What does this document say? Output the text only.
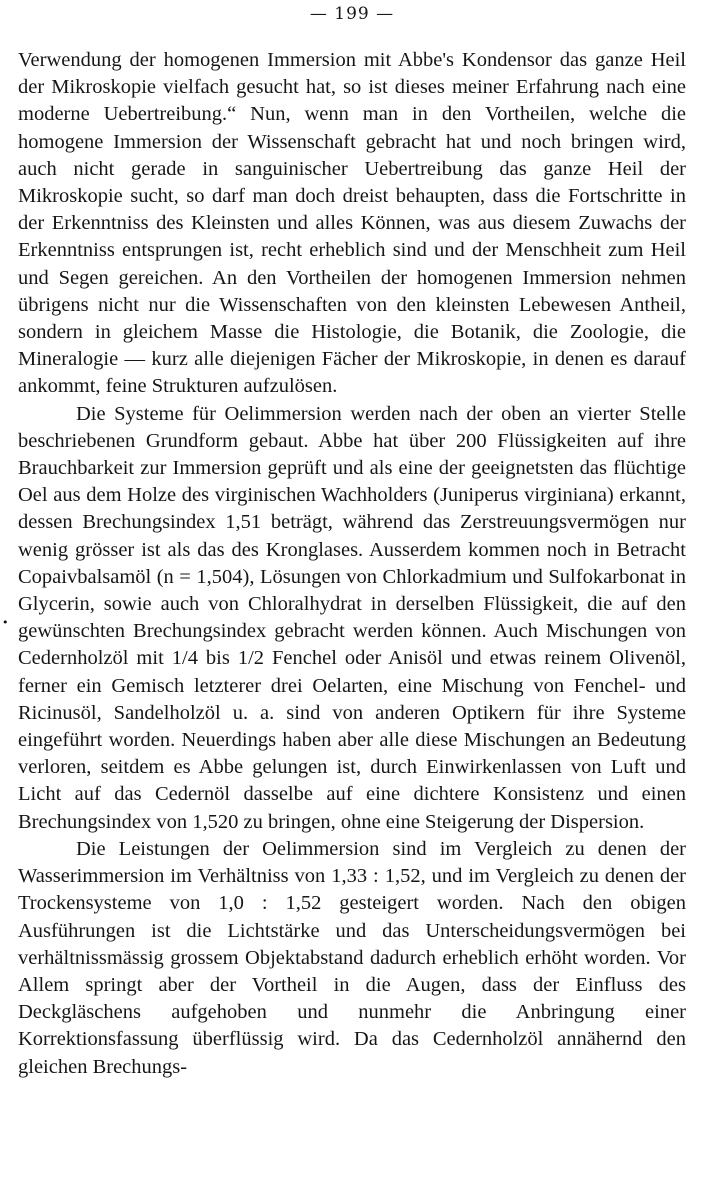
— 199 —
•

Verwendung der homogenen Immersion mit Abbe's Kondensor das ganze Heil der Mikroskopie vielfach gesucht hat, so ist dieses meiner Erfahrung nach eine moderne Uebertreibung.“ Nun, wenn man in den Vortheilen, welche die homogene Immersion der Wissenschaft gebracht hat und noch bringen wird, auch nicht gerade in sanguinischer Uebertreibung das ganze Heil der Mikroskopie sucht, so darf man doch dreist behaupten, dass die Fortschritte in der Erkenntniss des Kleinsten und alles Können, was aus diesem Zuwachs der Erkenntniss entsprungen ist, recht erheblich sind und der Menschheit zum Heil und Segen gereichen. An den Vortheilen der homogenen Immersion nehmen übrigens nicht nur die Wissenschaften von den kleinsten Lebewesen Antheil, sondern in gleichem Masse die Histologie, die Botanik, die Zoologie, die Mineralogie — kurz alle diejenigen Fächer der Mikroskopie, in denen es darauf ankommt, feine Strukturen aufzulösen.

Die Systeme für Oelimmersion werden nach der oben an vierter Stelle beschriebenen Grundform gebaut. Abbe hat über 200 Flüssigkeiten auf ihre Brauchbarkeit zur Immersion geprüft und als eine der geeignetsten das flüchtige Oel aus dem Holze des virginischen Wachholders (Juniperus virginiana) erkannt, dessen Brechungsindex 1,51 beträgt, während das Zerstreuungsvermögen nur wenig grösser ist als das des Kronglases. Ausserdem kommen noch in Betracht Copaivbalsamöl (n = 1,504), Lösungen von Chlorkadmium und Sulfokarbonat in Glycerin, sowie auch von Chloralhydrat in derselben Flüssigkeit, die auf den gewünschten Brechungsindex gebracht werden können. Auch Mischungen von Cedernholzöl mit 1/4 bis 1/2 Fenchel oder Anisöl und etwas reinem Olivenöl, ferner ein Gemisch letzterer drei Oelarten, eine Mischung von Fenchel- und Ricinusöl, Sandelholzöl u. a. sind von anderen Optikern für ihre Systeme eingeführt worden. Neuerdings haben aber alle diese Mischungen an Bedeutung verloren, seitdem es Abbe gelungen ist, durch Einwirkenlassen von Luft und Licht auf das Cedernöl dasselbe auf eine dichtere Konsistenz und einen Brechungsindex von 1,520 zu bringen, ohne eine Steigerung der Dispersion.

Die Leistungen der Oelimmersion sind im Vergleich zu denen der Wasserimmersion im Verhältniss von 1,33 : 1,52, und im Vergleich zu denen der Trockensysteme von 1,0 : 1,52 gesteigert worden. Nach den obigen Ausführungen ist die Lichtstärke und das Unterscheidungsvermögen bei verhältnissmässig grossem Objektabstand dadurch erheblich erhöht worden. Vor Allem springt aber der Vortheil in die Augen, dass der Einfluss des Deckgläschens aufgehoben und nunmehr die Anbringung einer Korrektionsfassung überflüssig wird. Da das Cedernholzöl annähernd den gleichen Brechungs-
